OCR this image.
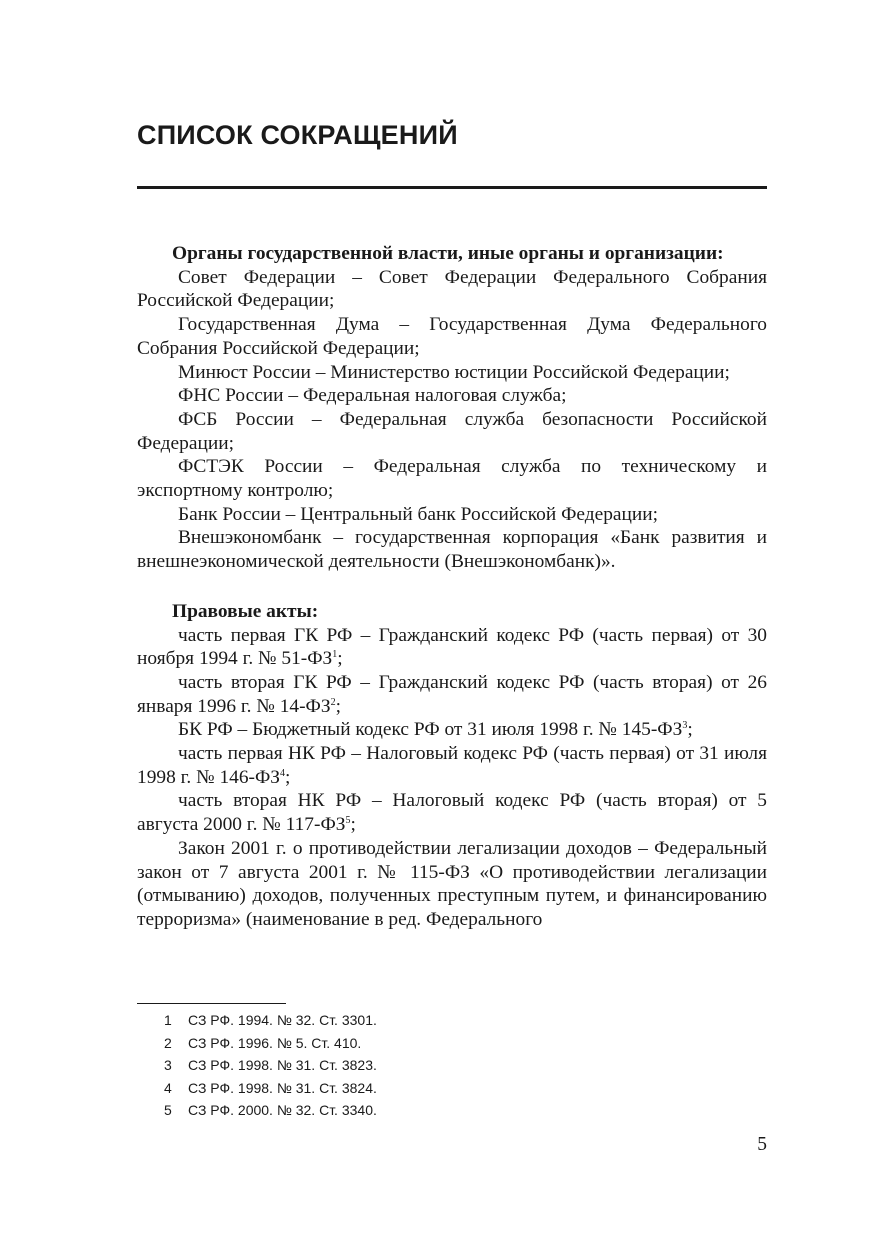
СПИСОК СОКРАЩЕНИЙ

Органы государственной власти, иные органы и организации:

Совет Федерации – Совет Федерации Федерального Собрания Российской Федерации;

Государственная Дума – Государственная Дума Федерального Собрания Российской Федерации;

Минюст России – Министерство юстиции Российской Федерации;

ФНС России – Федеральная налоговая служба;

ФСБ России – Федеральная служба безопасности Российской Федерации;

ФСТЭК России – Федеральная служба по техническому и экспортному контролю;

Банк России – Центральный банк Российской Федерации;

Внешэкономбанк – государственная корпорация «Банк развития и внешнеэкономической деятельности (Внешэкономбанк)».

Правовые акты:

часть первая ГК РФ – Гражданский кодекс РФ (часть первая) от 30 ноября 1994 г. № $51-ФЗ^1$;

часть вторая ГК РФ – Гражданский кодекс РФ (часть вторая) от 26 января 1996 г. № $14-ФЗ^2$;

БК РФ – Бюджетный кодекс РФ от 31 июля 1998 г. № $145-ФЗ^3$;

часть первая НК РФ – Налоговый кодекс РФ (часть первая) от 31 июля 1998 г. № $146-ФЗ^4$;

часть вторая НК РФ – Налоговый кодекс РФ (часть вторая) от 5 августа 2000 г. № $117-ФЗ^5$;

Закон 2001 г. о противодействии легализации доходов – Федеральный закон от 7 августа 2001 г. № 115-ФЗ «О противодействии легализации (отмыванию) доходов, полученных преступным путем, и финансированию терроризма» (наименование в ред. Федерального

1 СЗ РФ. 1994. № 32. Ст. 3301.
2 СЗ РФ. 1996. № 5. Ст. 410.
3 СЗ РФ. 1998. № 31. Ст. 3823.
4 СЗ РФ. 1998. № 31. Ст. 3824.
5 СЗ РФ. 2000. № 32. Ст. 3340.
5
